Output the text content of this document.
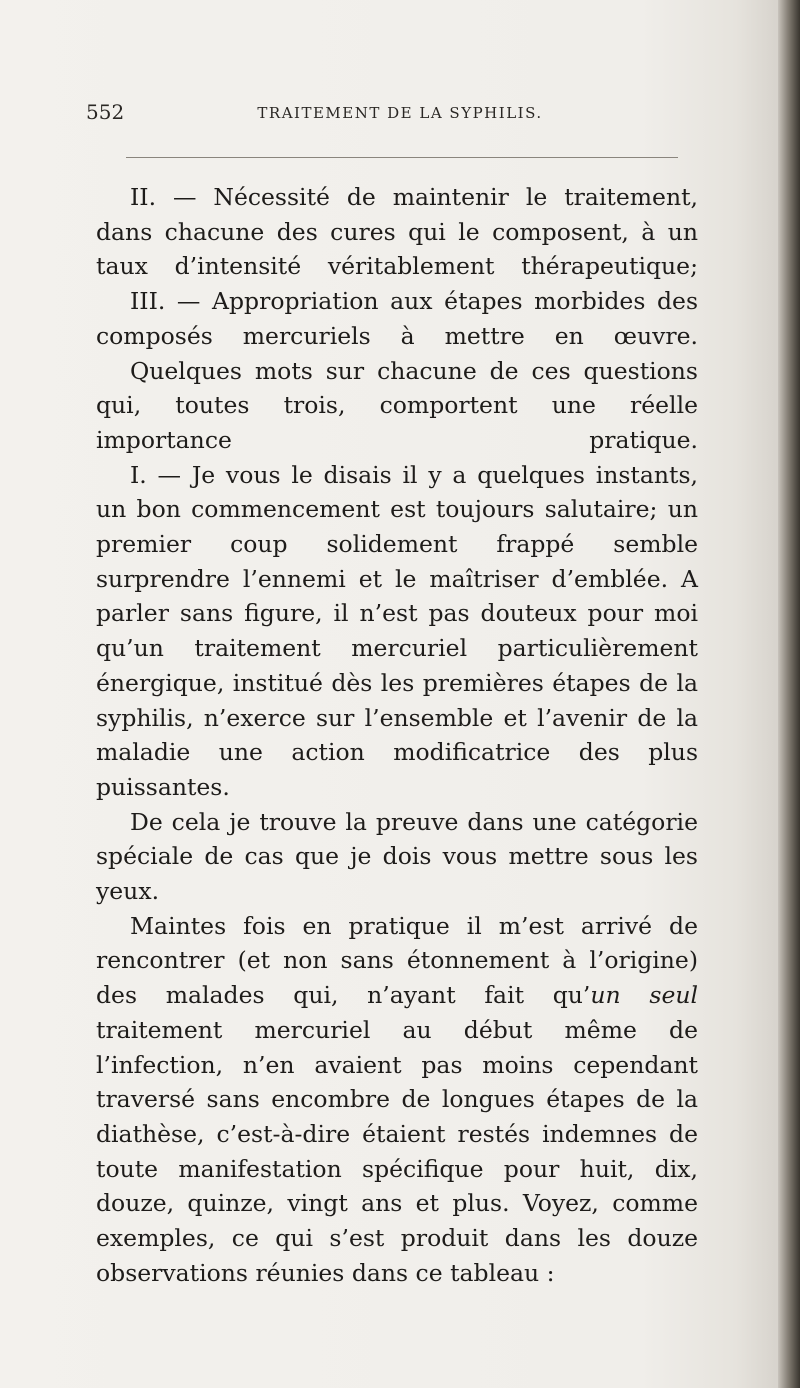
552	TRAITEMENT DE LA SYPHILIS.

II. — Nécessité de maintenir le traitement, dans chacune des cures qui le composent, à un taux d’intensité véritablement thérapeutique;

III. — Appropriation aux étapes morbides des composés mercuriels à mettre en œuvre.

Quelques mots sur chacune de ces questions qui, toutes trois, comportent une réelle importance pratique.

I. — Je vous le disais il y a quelques instants, un bon commencement est toujours salutaire; un premier coup solidement frappé semble surprendre l’ennemi et le maîtriser d’emblée. A parler sans figure, il n’est pas douteux pour moi qu’un traitement mercuriel particulièrement énergique, institué dès les premières étapes de la syphilis, n’exerce sur l’ensemble et l’avenir de la maladie une action modificatrice des plus puissantes.

De cela je trouve la preuve dans une catégorie spéciale de cas que je dois vous mettre sous les yeux.

Maintes fois en pratique il m’est arrivé de rencontrer (et non sans étonnement à l’origine) des malades qui, n’ayant fait qu’un seul traitement mercuriel au début même de l’infection, n’en avaient pas moins cependant traversé sans encombre de longues étapes de la diathèse, c’est-à-dire étaient restés indemnes de toute manifestation spécifique pour huit, dix, douze, quinze, vingt ans et plus. Voyez, comme exemples, ce qui s’est produit dans les douze observations réunies dans ce tableau :
